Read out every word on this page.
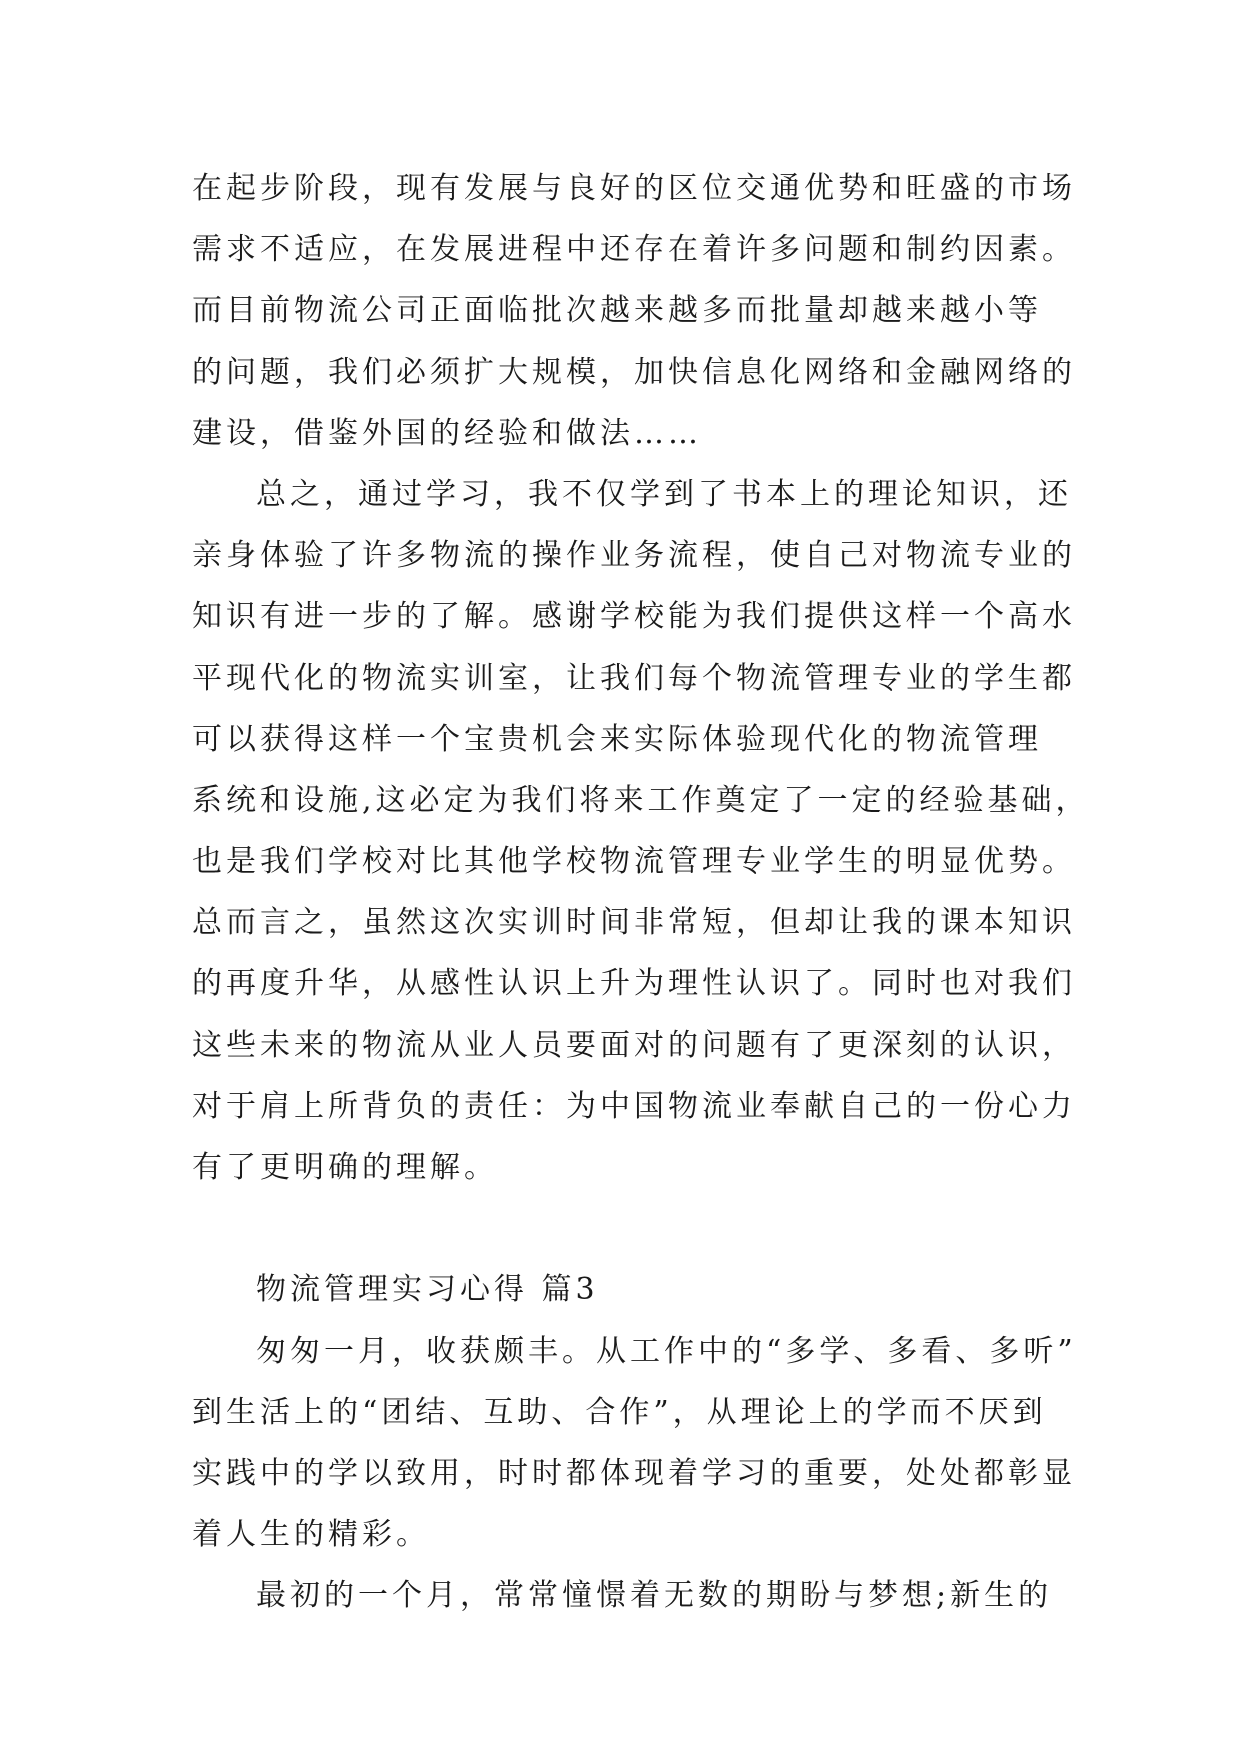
在起步阶段，现有发展与良好的区位交通优势和旺盛的市场
需求不适应，在发展进程中还存在着许多问题和制约因素。
而目前物流公司正面临批次越来越多而批量却越来越小等
的问题，我们必须扩大规模，加快信息化网络和金融网络的
建设，借鉴外国的经验和做法……
总之，通过学习，我不仅学到了书本上的理论知识，还
亲身体验了许多物流的操作业务流程，使自己对物流专业的
知识有进一步的了解。感谢学校能为我们提供这样一个高水
平现代化的物流实训室，让我们每个物流管理专业的学生都
可以获得这样一个宝贵机会来实际体验现代化的物流管理
系统和设施,这必定为我们将来工作奠定了一定的经验基础，
也是我们学校对比其他学校物流管理专业学生的明显优势。
总而言之，虽然这次实训时间非常短，但却让我的课本知识
的再度升华，从感性认识上升为理性认识了。同时也对我们
这些未来的物流从业人员要面对的问题有了更深刻的认识，
对于肩上所背负的责任：为中国物流业奉献自己的一份心力
有了更明确的理解。
物流管理实习心得 篇3
匆匆一月，收获颇丰。从工作中的“多学、多看、多听”
到生活上的“团结、互助、合作”，从理论上的学而不厌到
实践中的学以致用，时时都体现着学习的重要，处处都彰显
着人生的精彩。
最初的一个月，常常憧憬着无数的期盼与梦想;新生的
